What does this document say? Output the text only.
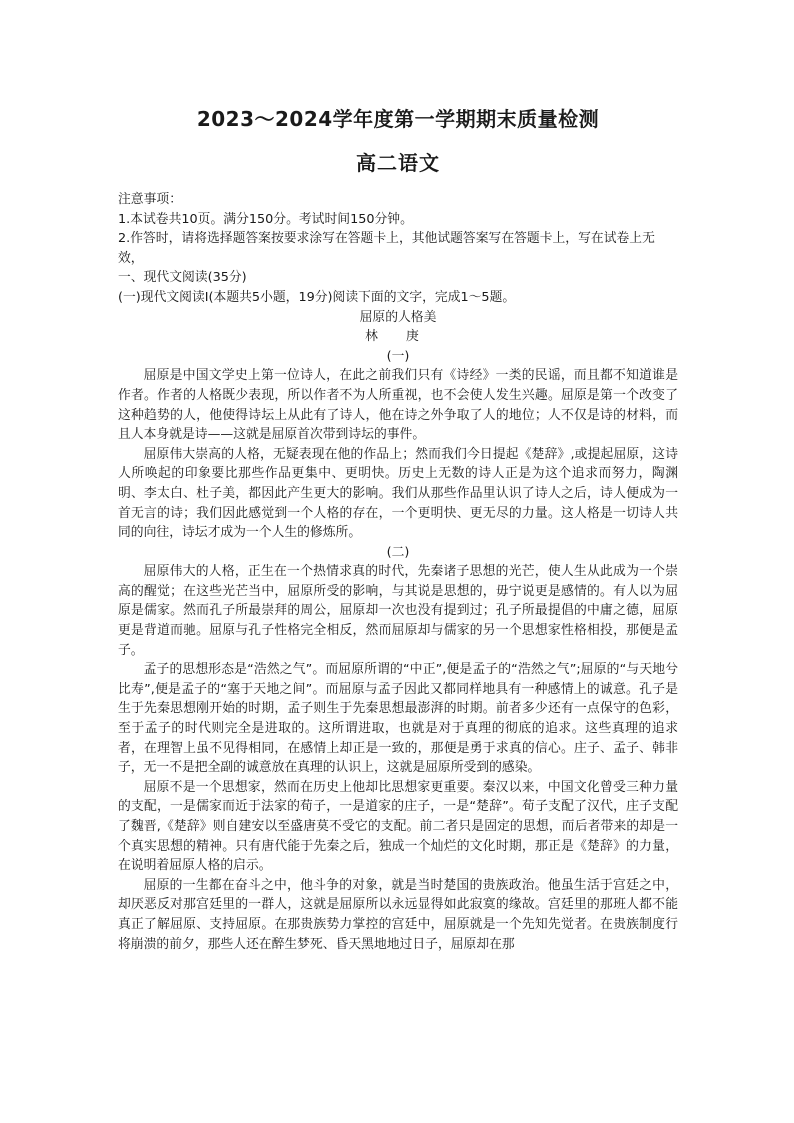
2023～2024学年度第一学期期末质量检测
高二语文

注意事项：

1.本试卷共10页。满分150分。考试时间150分钟。

2.作答时，请将选择题答案按要求涂写在答题卡上，其他试题答案写在答题卡上，写在试卷上无效，

一、现代文阅读(35分)

(一)现代文阅读Ⅰ(本题共5小题，19分)阅读下面的文字，完成1～5题。

屈原的人格美

林 庚

(一)

屈原是中国文学史上第一位诗人，在此之前我们只有《诗经》一类的民谣，而且都不知道谁是作者。作者的人格既少表现，所以作者不为人所重视，也不会使人发生兴趣。屈原是第一个改变了这种趋势的人，他使得诗坛上从此有了诗人，他在诗之外争取了人的地位；人不仅是诗的材料，而且人本身就是诗——这就是屈原首次带到诗坛的事件。

屈原伟大崇高的人格，无疑表现在他的作品上；然而我们今日提起《楚辞》,或提起屈原，这诗人所唤起的印象要比那些作品更集中、更明快。历史上无数的诗人正是为这个追求而努力，陶渊明、李太白、杜子美，都因此产生更大的影响。我们从那些作品里认识了诗人之后，诗人便成为一首无言的诗；我们因此感觉到一个人格的存在，一个更明快、更无尽的力量。这人格是一切诗人共同的向往，诗坛才成为一个人生的修炼所。

(二)

屈原伟大的人格，正生在一个热情求真的时代，先秦诸子思想的光芒，使人生从此成为一个崇高的醒觉；在这些光芒当中，屈原所受的影响，与其说是思想的，毋宁说更是感情的。有人以为屈原是儒家。然而孔子所最崇拜的周公，屈原却一次也没有提到过；孔子所最提倡的中庸之德，屈原更是背道而驰。屈原与孔子性格完全相反，然而屈原却与儒家的另一个思想家性格相投，那便是孟子。

孟子的思想形态是“浩然之气”。而屈原所谓的“中正”,便是孟子的“浩然之气”;屈原的“与天地兮比寿”,便是孟子的“塞于天地之间”。而屈原与孟子因此又都同样地具有一种感情上的诚意。孔子是生于先秦思想刚开始的时期，孟子则生于先秦思想最澎湃的时期。前者多少还有一点保守的色彩，至于孟子的时代则完全是进取的。这所谓进取，也就是对于真理的彻底的追求。这些真理的追求者，在理智上虽不见得相同，在感情上却正是一致的，那便是勇于求真的信心。庄子、孟子、韩非子，无一不是把全副的诚意放在真理的认识上，这就是屈原所受到的感染。

屈原不是一个思想家，然而在历史上他却比思想家更重要。秦汉以来，中国文化曾受三种力量的支配，一是儒家而近于法家的荀子，一是道家的庄子，一是“楚辞”。荀子支配了汉代，庄子支配了魏晋,《楚辞》则自建安以至盛唐莫不受它的支配。前二者只是固定的思想，而后者带来的却是一个真实思想的精神。只有唐代能于先秦之后，独成一个灿烂的文化时期，那正是《楚辞》的力量，在说明着屈原人格的启示。

屈原的一生都在奋斗之中，他斗争的对象，就是当时楚国的贵族政治。他虽生活于宫廷之中，却厌恶反对那宫廷里的一群人，这就是屈原所以永远显得如此寂寞的缘故。宫廷里的那班人都不能真正了解屈原、支持屈原。在那贵族势力掌控的宫廷中，屈原就是一个先知先觉者。在贵族制度行将崩溃的前夕，那些人还在醉生梦死、昏天黑地地过日子，屈原却在那
